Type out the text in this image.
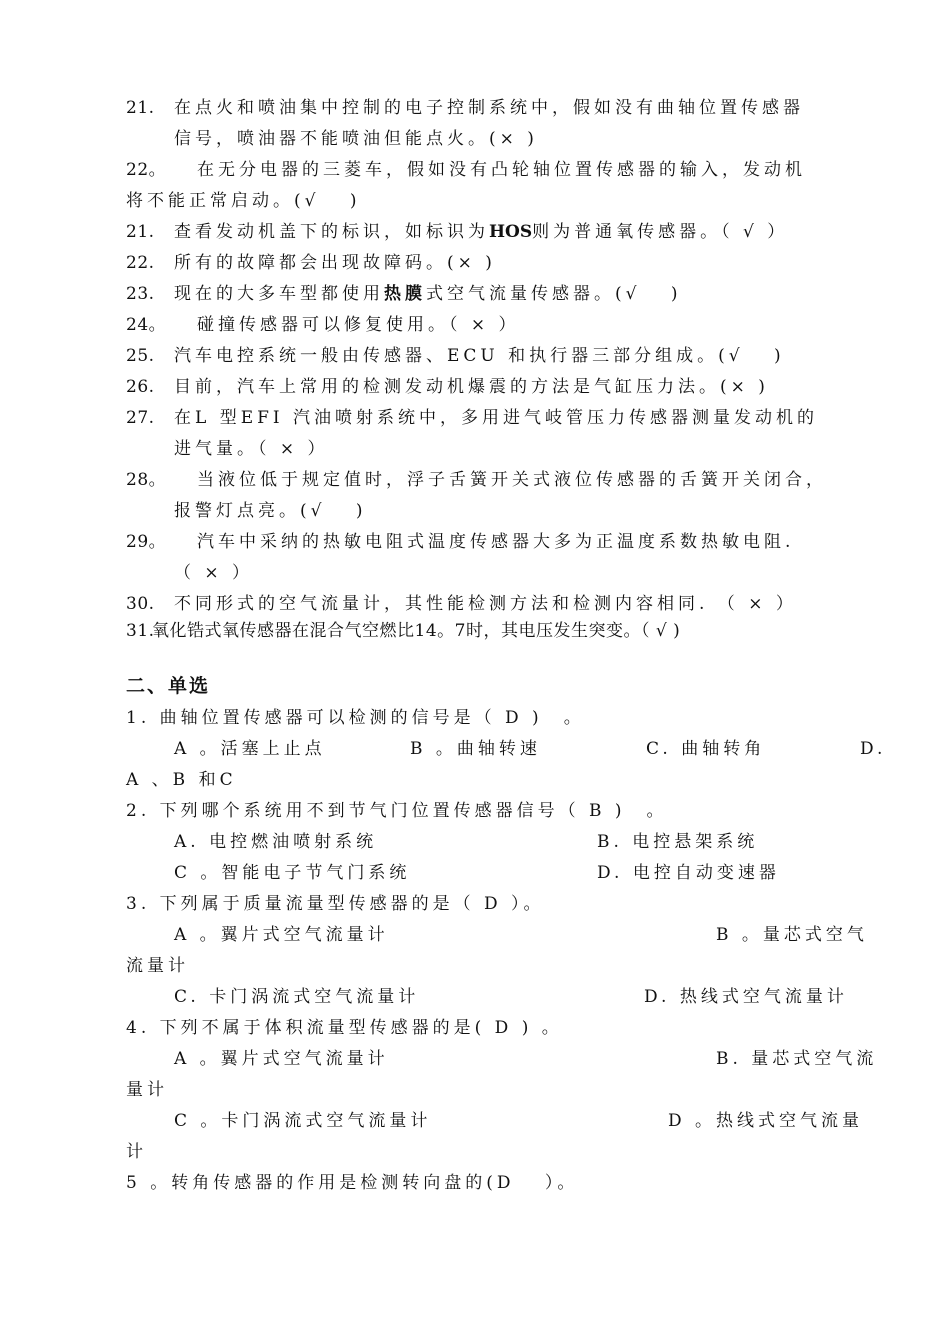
21. 在点火和喷油集中控制的电子控制系统中，假如没有曲轴位置传感器
信号，喷油器不能喷油但能点火。(× )
22。 在无分电器的三菱车，假如没有凸轮轴位置传感器的输入，发动机
将不能正常启动。(√　 )
21. 查看发动机盖下的标识，如标识为HOS则为普通氧传感器。（ √ ）
22. 所有的故障都会出现故障码。(× )
23. 现在的大多车型都使用热膜式空气流量传感器。(√　 )
24。 碰撞传感器可以修复使用。（ × ）
25. 汽车电控系统一般由传感器、ECU 和执行器三部分组成。(√　 )
26. 目前，汽车上常用的检测发动机爆震的方法是气缸压力法。(× )
27. 在L 型EFI 汽油喷射系统中，多用进气岐管压力传感器测量发动机的
进气量。（ × ）
28。 当液位低于规定值时，浮子舌簧开关式液位传感器的舌簧开关闭合，
报警灯点亮。(√　 )
29。 汽车中采纳的热敏电阻式温度传感器大多为正温度系数热敏电阻.
（ × ）
30. 不同形式的空气流量计，其性能检测方法和检测内容相同. （ × ）
31.
氧化锆式氧传感器在混合气空燃比14。7时，其电压发生突变。（ √ )
二、单选
1. 曲轴位置传感器可以检测的信号是（ D )　。
A 。活塞上止点	B 。曲轴转速	C. 曲轴转角	D.
A 、B 和C
2. 下列哪个系统用不到节气门位置传感器信号（ B )　。
A. 电控燃油喷射系统	B. 电控悬架系统
C 。智能电子节气门系统	D. 电控自动变速器
3. 下列属于质量流量型传感器的是（ D ）。
A 。翼片式空气流量计	B 。量芯式空气
流量计
C. 卡门涡流式空气流量计	D. 热线式空气流量计
4. 下列不属于体积流量型传感器的是( D ) 。
A 。翼片式空气流量计	B. 量芯式空气流
量计
C 。卡门涡流式空气流量计	D 。热线式空气流量
计
5 。转角传感器的作用是检测转向盘的(D　 ）。
